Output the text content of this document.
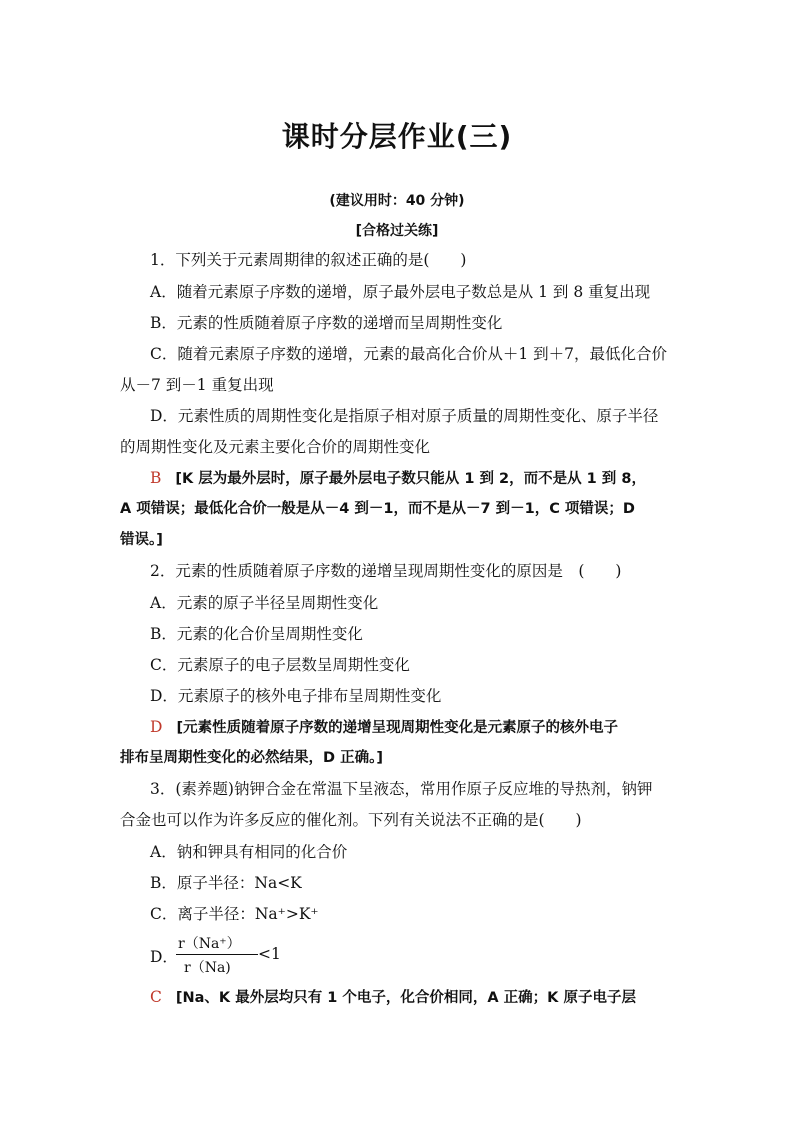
课时分层作业(三)
(建议用时：40 分钟)
[合格过关练]
1．下列关于元素周期律的叙述正确的是(　　)
A．随着元素原子序数的递增，原子最外层电子数总是从 1 到 8 重复出现
B．元素的性质随着原子序数的递增而呈周期性变化
C．随着元素原子序数的递增，元素的最高化合价从＋1 到＋7，最低化合价
从－7 到－1 重复出现
D．元素性质的周期性变化是指原子相对原子质量的周期性变化、原子半径
的周期性变化及元素主要化合价的周期性变化
B [K 层为最外层时，原子最外层电子数只能从 1 到 2，而不是从 1 到 8，
A 项错误；最低化合价一般是从－4 到－1，而不是从－7 到－1，C 项错误；D
错误。]
2．元素的性质随着原子序数的递增呈现周期性变化的原因是　(　　)
A．元素的原子半径呈周期性变化
B．元素的化合价呈周期性变化
C．元素原子的电子层数呈周期性变化
D．元素原子的核外电子排布呈周期性变化
D [元素性质随着原子序数的递增呈现周期性变化是元素原子的核外电子
排布呈周期性变化的必然结果，D 正确。]
3．(素养题)钠钾合金在常温下呈液态，常用作原子反应堆的导热剂，钠钾
合金也可以作为许多反应的催化剂。下列有关说法不正确的是(　　)
A．钠和钾具有相同的化合价
B．原子半径：Na<K
C．离子半径：Na⁺>K⁺
D．
r（Na⁺）
r（Na)
<1
C [Na、K 最外层均只有 1 个电子，化合价相同，A 正确；K 原子电子层
